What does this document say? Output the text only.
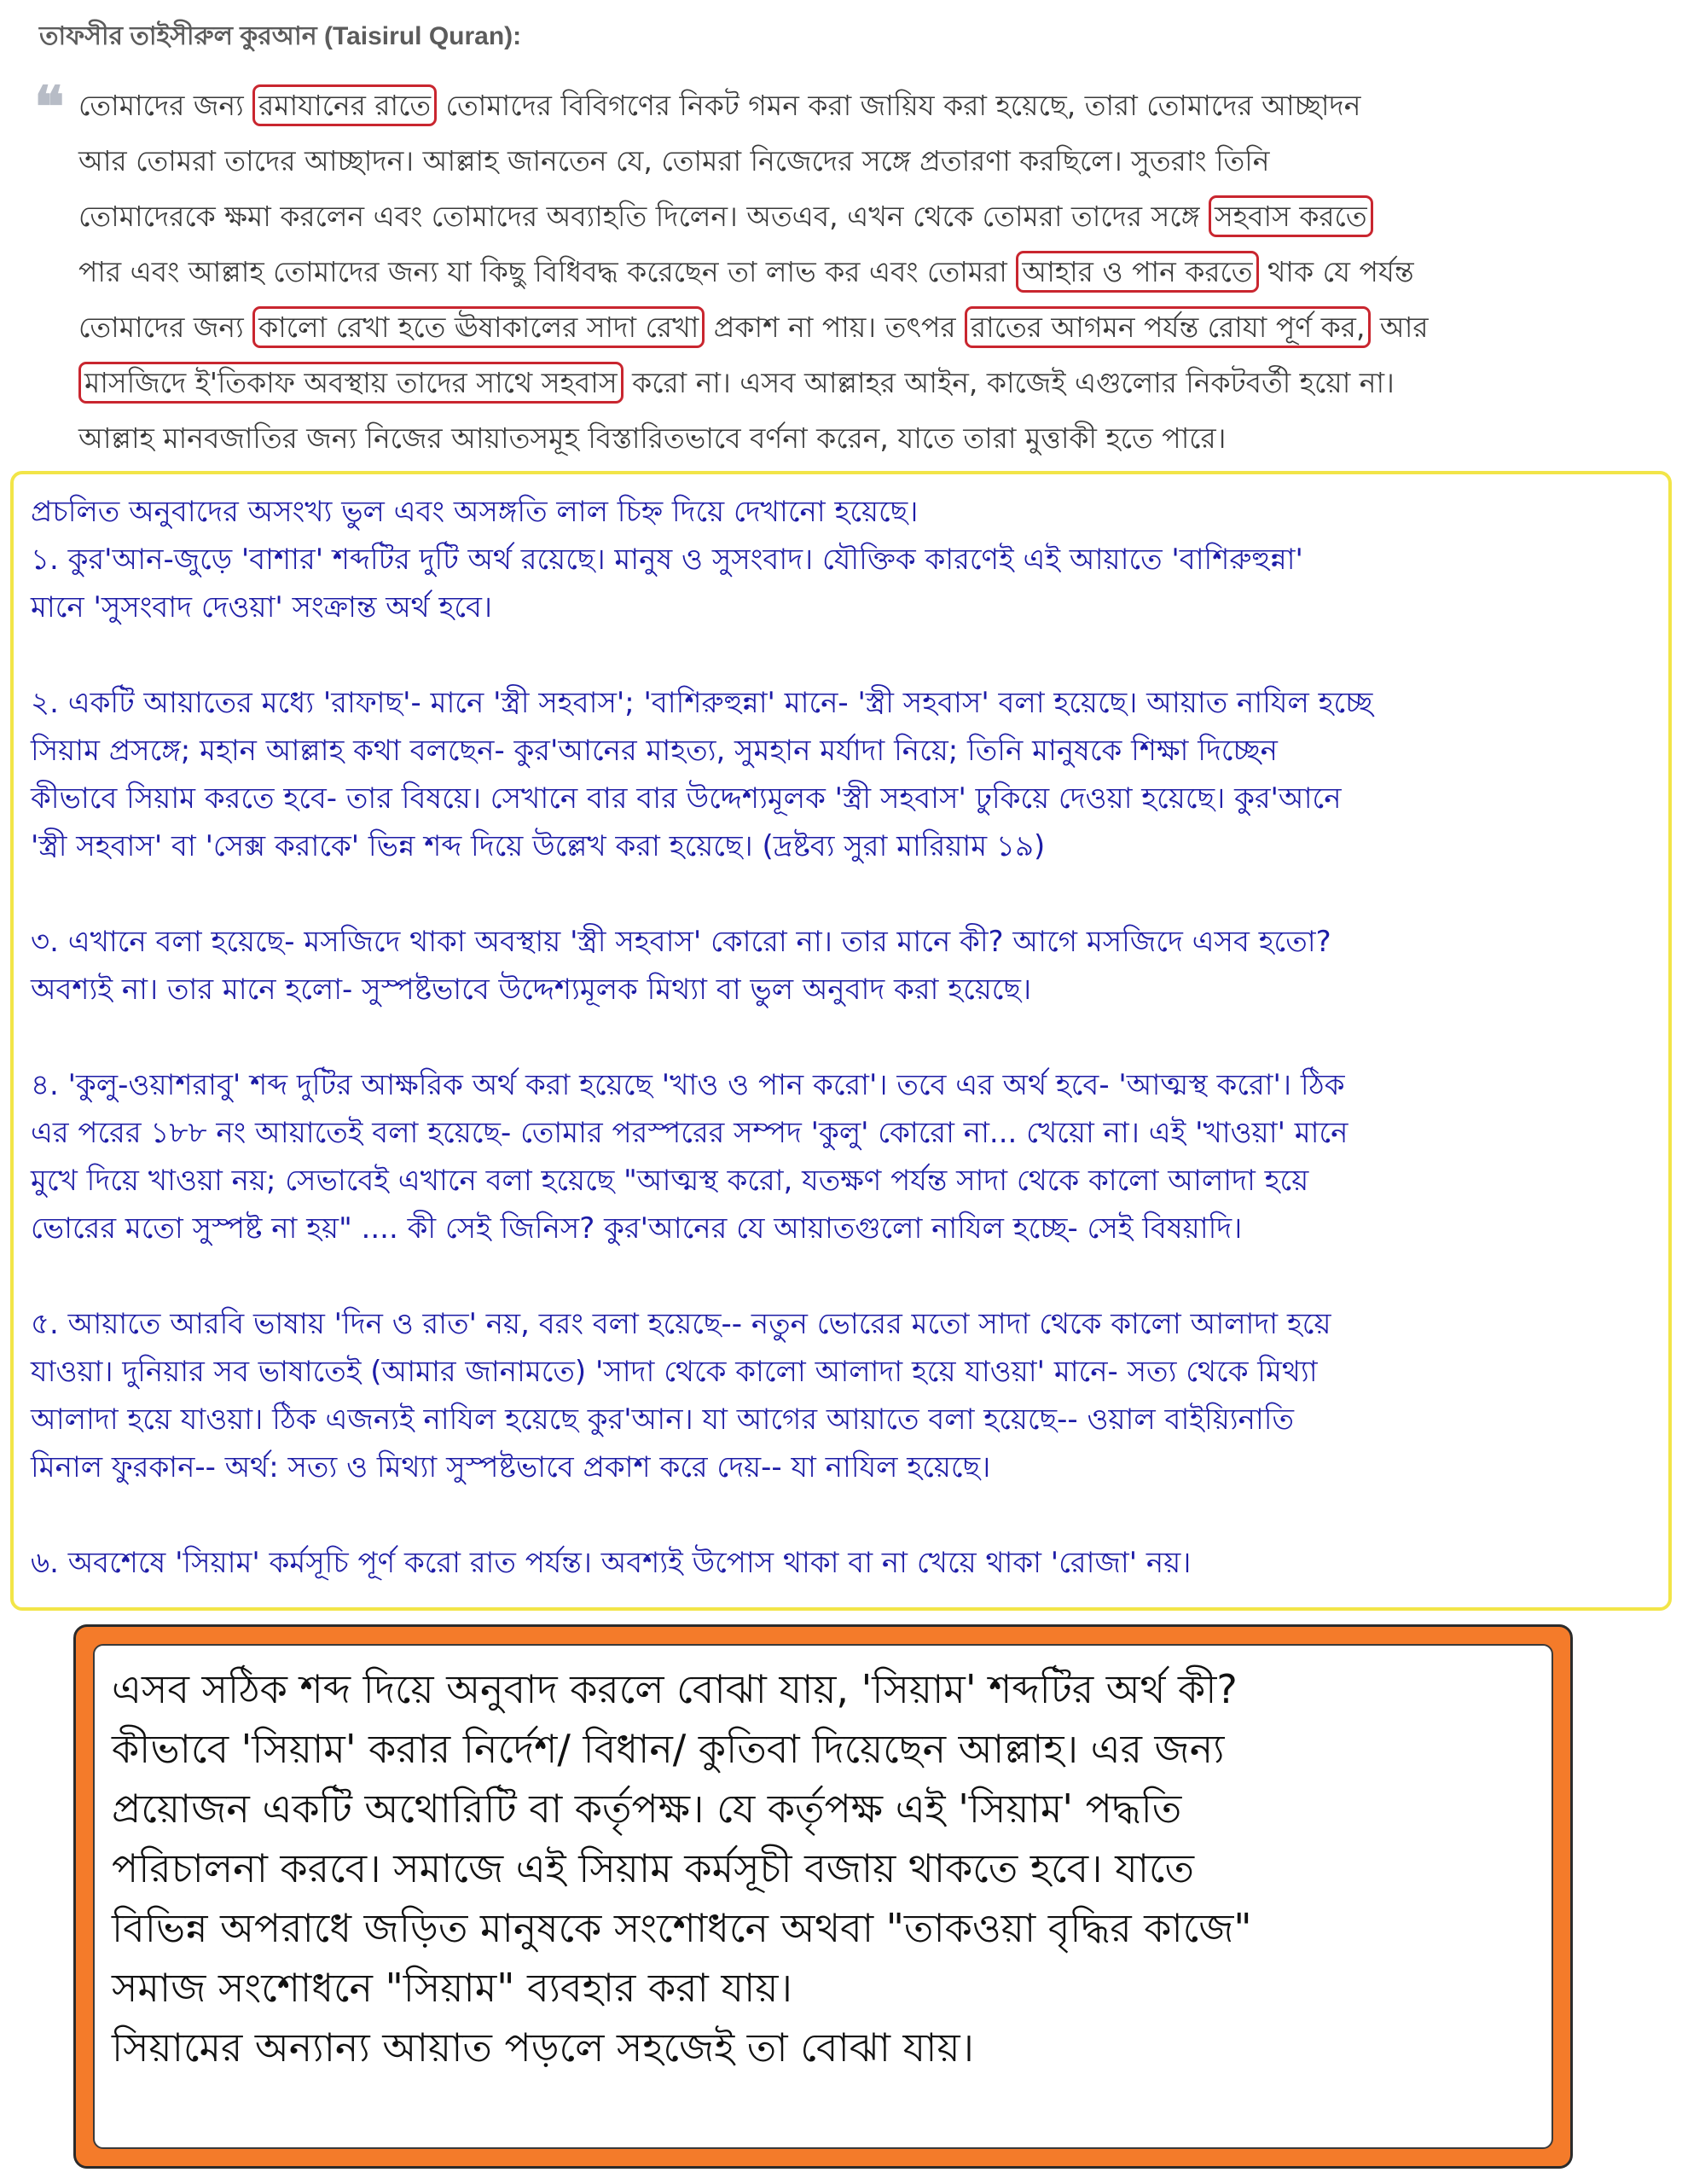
তাফসীর তাইসীরুল কুরআন (Taisirul Quran):
❝ তোমাদের জন্য রমাযানের রাতে তোমাদের বিবিগণের নিকট গমন করা জায়িয করা হয়েছে, তারা তোমাদের আচ্ছাদন
আর তোমরা তাদের আচ্ছাদন। আল্লাহ জানতেন যে, তোমরা নিজেদের সঙ্গে প্রতারণা করছিলে। সুতরাং তিনি
তোমাদেরকে ক্ষমা করলেন এবং তোমাদের অব্যাহতি দিলেন। অতএব, এখন থেকে তোমরা তাদের সঙ্গে সহবাস করতে
পার এবং আল্লাহ তোমাদের জন্য যা কিছু বিধিবদ্ধ করেছেন তা লাভ কর এবং তোমরা আহার ও পান করতে থাক যে পর্যন্ত
তোমাদের জন্য কালো রেখা হতে ঊষাকালের সাদা রেখা প্রকাশ না পায়। তৎপর রাতের আগমন পর্যন্ত রোযা পূর্ণ কর, আর
মাসজিদে ই'তিকাফ অবস্থায় তাদের সাথে সহবাস করো না। এসব আল্লাহর আইন, কাজেই এগুলোর নিকটবর্তী হয়ো না।
আল্লাহ মানবজাতির জন্য নিজের আয়াতসমূহ বিস্তারিতভাবে বর্ণনা করেন, যাতে তারা মুত্তাকী হতে পারে।
প্রচলিত অনুবাদের অসংখ্য ভুল এবং অসঙ্গতি লাল চিহ্ন দিয়ে দেখানো হয়েছে।
১. কুর'আন-জুড়ে 'বাশার' শব্দটির দুটি অর্থ রয়েছে। মানুষ ও সুসংবাদ। যৌক্তিক কারণেই এই আয়াতে 'বাশিরুহুন্না'
মানে 'সুসংবাদ দেওয়া' সংক্রান্ত অর্থ হবে।
২. একটি আয়াতের মধ্যে 'রাফাছ'- মানে 'স্ত্রী সহবাস'; 'বাশিরুহুন্না' মানে- 'স্ত্রী সহবাস' বলা হয়েছে। আয়াত নাযিল হচ্ছে
সিয়াম প্রসঙ্গে; মহান আল্লাহ কথা বলছেন- কুর'আনের মাহত্য, সুমহান মর্যাদা নিয়ে; তিনি মানুষকে শিক্ষা দিচ্ছেন
কীভাবে সিয়াম করতে হবে- তার বিষয়ে। সেখানে বার বার উদ্দেশ্যমূলক 'স্ত্রী সহবাস' ঢুকিয়ে দেওয়া হয়েছে। কুর'আনে
'স্ত্রী সহবাস' বা 'সেক্স করাকে' ভিন্ন শব্দ দিয়ে উল্লেখ করা হয়েছে। (দ্রষ্টব্য সুরা মারিয়াম ১৯)
৩. এখানে বলা হয়েছে- মসজিদে থাকা অবস্থায় 'স্ত্রী সহবাস' কোরো না। তার মানে কী? আগে মসজিদে এসব হতো?
অবশ্যই না। তার মানে হলো- সুস্পষ্টভাবে উদ্দেশ্যমূলক মিথ্যা বা ভুল অনুবাদ করা হয়েছে।
৪. 'কুলু-ওয়াশরাবু' শব্দ দুটির আক্ষরিক অর্থ করা হয়েছে 'খাও ও পান করো'। তবে এর অর্থ হবে- 'আত্মস্থ করো'। ঠিক
এর পরের ১৮৮ নং আয়াতেই বলা হয়েছে- তোমার পরস্পরের সম্পদ 'কুলু' কোরো না... খেয়ো না। এই 'খাওয়া' মানে
মুখে দিয়ে খাওয়া নয়; সেভাবেই এখানে বলা হয়েছে "আত্মস্থ করো, যতক্ষণ পর্যন্ত সাদা থেকে কালো আলাদা হয়ে
ভোরের মতো সুস্পষ্ট না হয়" .... কী সেই জিনিস? কুর'আনের যে আয়াতগুলো নাযিল হচ্ছে- সেই বিষয়াদি।
৫. আয়াতে আরবি ভাষায় 'দিন ও রাত' নয়, বরং বলা হয়েছে-- নতুন ভোরের মতো সাদা থেকে কালো আলাদা হয়ে
যাওয়া। দুনিয়ার সব ভাষাতেই (আমার জানামতে) 'সাদা থেকে কালো আলাদা হয়ে যাওয়া' মানে- সত্য থেকে মিথ্যা
আলাদা হয়ে যাওয়া। ঠিক এজন্যই নাযিল হয়েছে কুর'আন। যা আগের আয়াতে বলা হয়েছে-- ওয়াল বাইয়্যিনাতি
মিনাল ফুরকান-- অর্থ: সত্য ও মিথ্যা সুস্পষ্টভাবে প্রকাশ করে দেয়-- যা নাযিল হয়েছে।
৬. অবশেষে 'সিয়াম' কর্মসূচি পূর্ণ করো রাত পর্যন্ত। অবশ্যই উপোস থাকা বা না খেয়ে থাকা 'রোজা' নয়।
এসব সঠিক শব্দ দিয়ে অনুবাদ করলে বোঝা যায়, 'সিয়াম' শব্দটির অর্থ কী?
কীভাবে 'সিয়াম' করার নির্দেশ/ বিধান/ কুতিবা দিয়েছেন আল্লাহ। এর জন্য
প্রয়োজন একটি অথোরিটি বা কর্তৃপক্ষ। যে কর্তৃপক্ষ এই 'সিয়াম' পদ্ধতি
পরিচালনা করবে। সমাজে এই সিয়াম কর্মসূচী বজায় থাকতে হবে। যাতে
বিভিন্ন অপরাধে জড়িত মানুষকে সংশোধনে অথবা "তাকওয়া বৃদ্ধির কাজে"
সমাজ সংশোধনে "সিয়াম" ব্যবহার করা যায়।
সিয়ামের অন্যান্য আয়াত পড়লে সহজেই তা বোঝা যায়।
